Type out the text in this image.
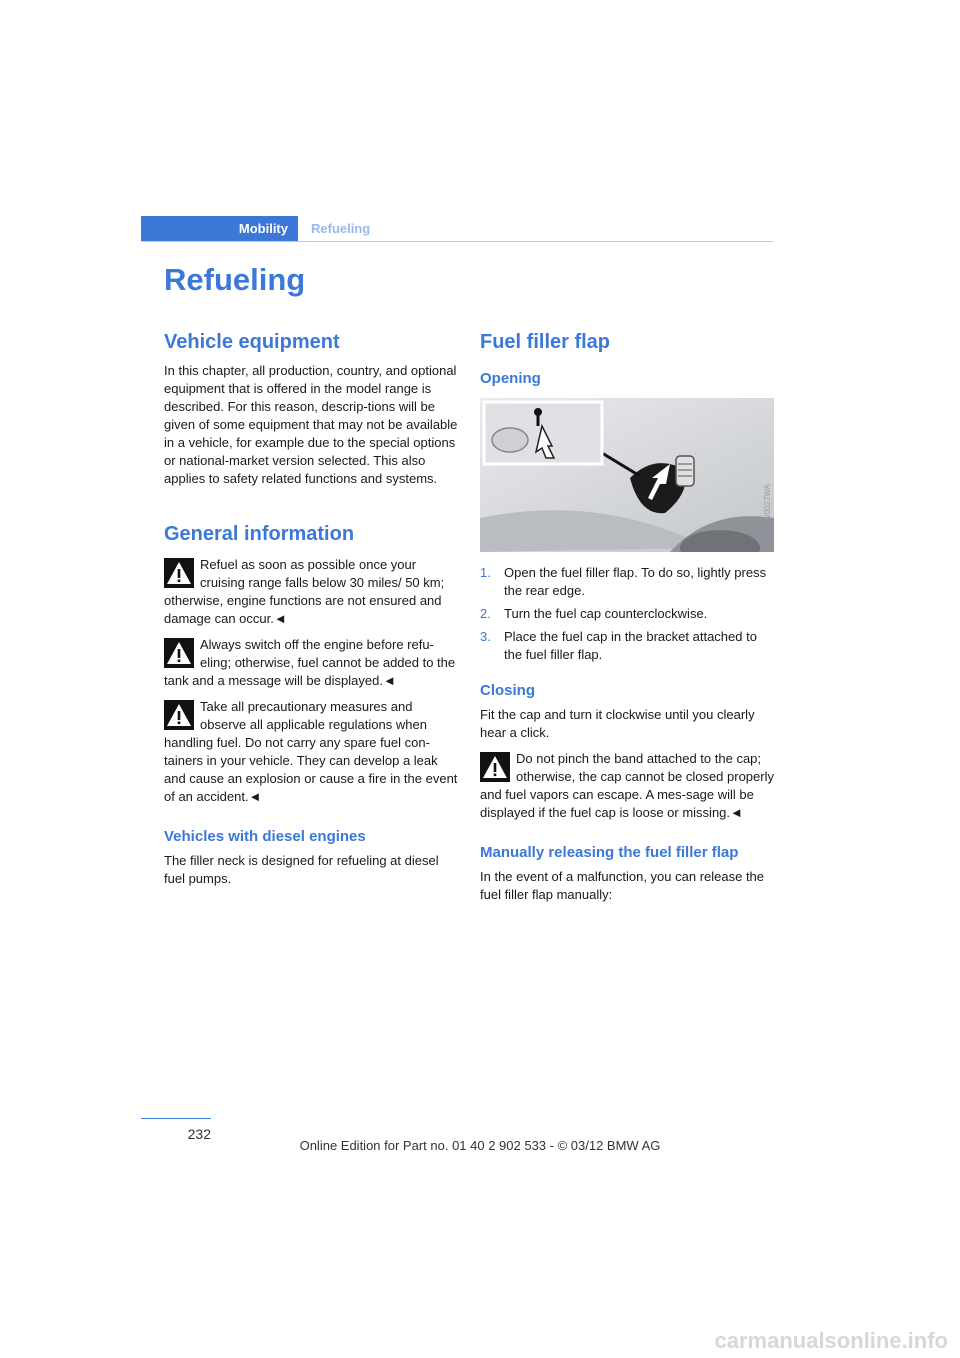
Mobility	Refueling
Refueling
Vehicle equipment

In this chapter, all production, country, and optional equipment that is offered in the model range is described. For this reason, descrip-tions will be given of some equipment that may not be available in a vehicle, for example due to the special options or national-market version selected. This also applies to safety related functions and systems.

General information
Refuel as soon as possible once your cruising range falls below 30 miles/ 50 km; otherwise, engine functions are not ensured and damage can occur.◄
Always switch off the engine before refu-eling; otherwise, fuel cannot be added to the tank and a message will be displayed.◄
Take all precautionary measures and observe all applicable regulations when handling fuel. Do not carry any spare fuel con-tainers in your vehicle. They can develop a leak and cause an explosion or cause a fire in the event of an accident.◄
Vehicles with diesel engines

The filler neck is designed for refueling at diesel fuel pumps.

Fuel filler flap
Opening
W0027WA
1. Open the fuel filler flap. To do so, lightly press the rear edge.
2. Turn the fuel cap counterclockwise.
3. Place the fuel cap in the bracket attached to the fuel filler flap.
Closing

Fit the cap and turn it clockwise until you clearly hear a click.

Do not pinch the band attached to the cap; otherwise, the cap cannot be closed properly and fuel vapors can escape. A mes-sage will be displayed if the fuel cap is loose or missing.◄
Manually releasing the fuel filler flap

In the event of a malfunction, you can release the fuel filler flap manually:

232
Online Edition for Part no. 01 40 2 902 533 - © 03/12 BMW AG
carmanualsonline.info
